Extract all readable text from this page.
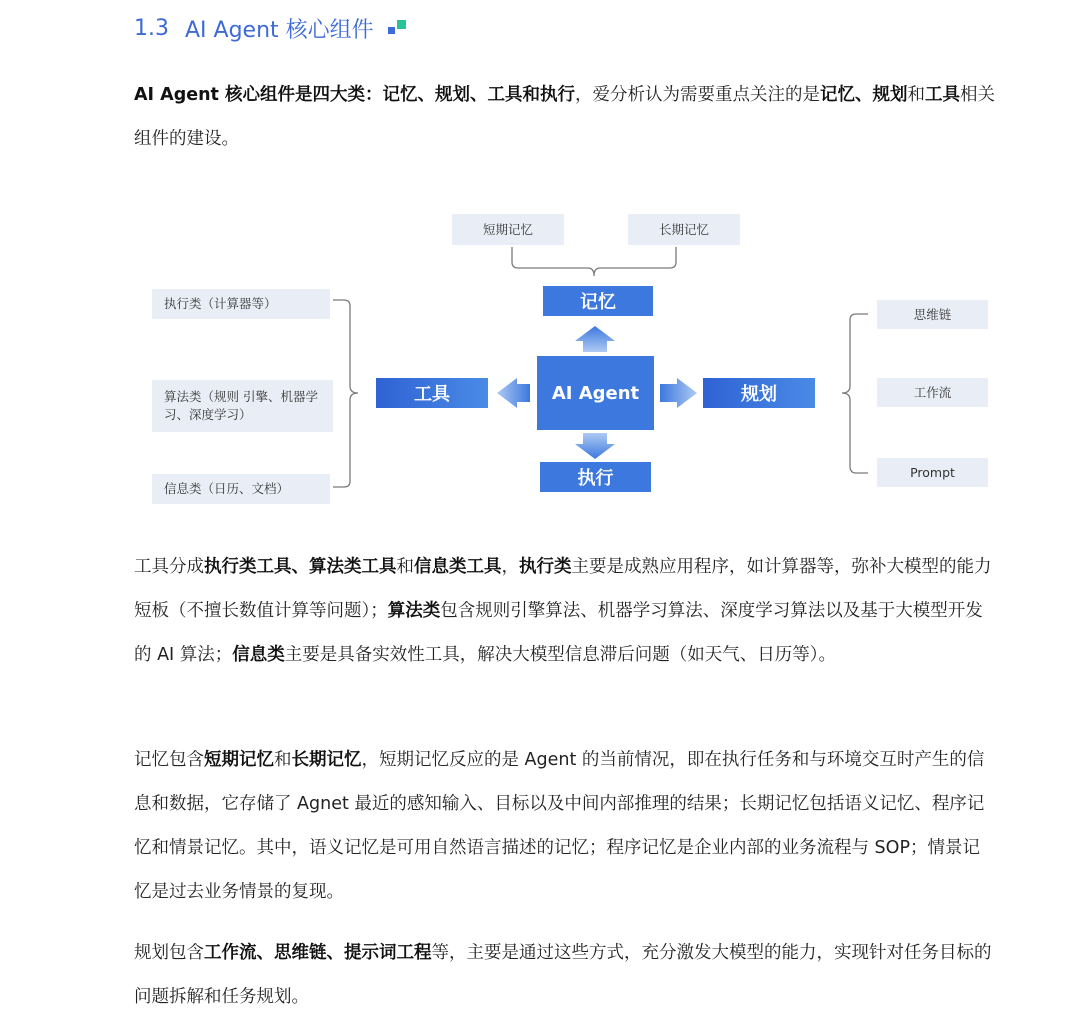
1.3 AI Agent 核心组件

AI Agent 核心组件是四大类：记忆、规划、工具和执行，爱分析认为需要重点关注的是记忆、规划和工具相关组件的建设。

短期记忆	长期记忆
记忆
AI Agent
工具	规划
执行
执行类（计算器等）
算法类（规则 引擎、机器学习、深度学习）
信息类（日历、文档）
思维链
工作流
Prompt

工具分成执行类工具、算法类工具和信息类工具，执行类主要是成熟应用程序，如计算器等，弥补大模型的能力短板（不擅长数值计算等问题）；算法类包含规则引擎算法、机器学习算法、深度学习算法以及基于大模型开发的 AI 算法；信息类主要是具备实效性工具，解决大模型信息滞后问题（如天气、日历等）。

记忆包含短期记忆和长期记忆，短期记忆反应的是 Agent 的当前情况，即在执行任务和与环境交互时产生的信息和数据，它存储了 Agnet 最近的感知输入、目标以及中间内部推理的结果；长期记忆包括语义记忆、程序记忆和情景记忆。其中，语义记忆是可用自然语言描述的记忆；程序记忆是企业内部的业务流程与 SOP；情景记忆是过去业务情景的复现。

规划包含工作流、思维链、提示词工程等，主要是通过这些方式，充分激发大模型的能力，实现针对任务目标的问题拆解和任务规划。
